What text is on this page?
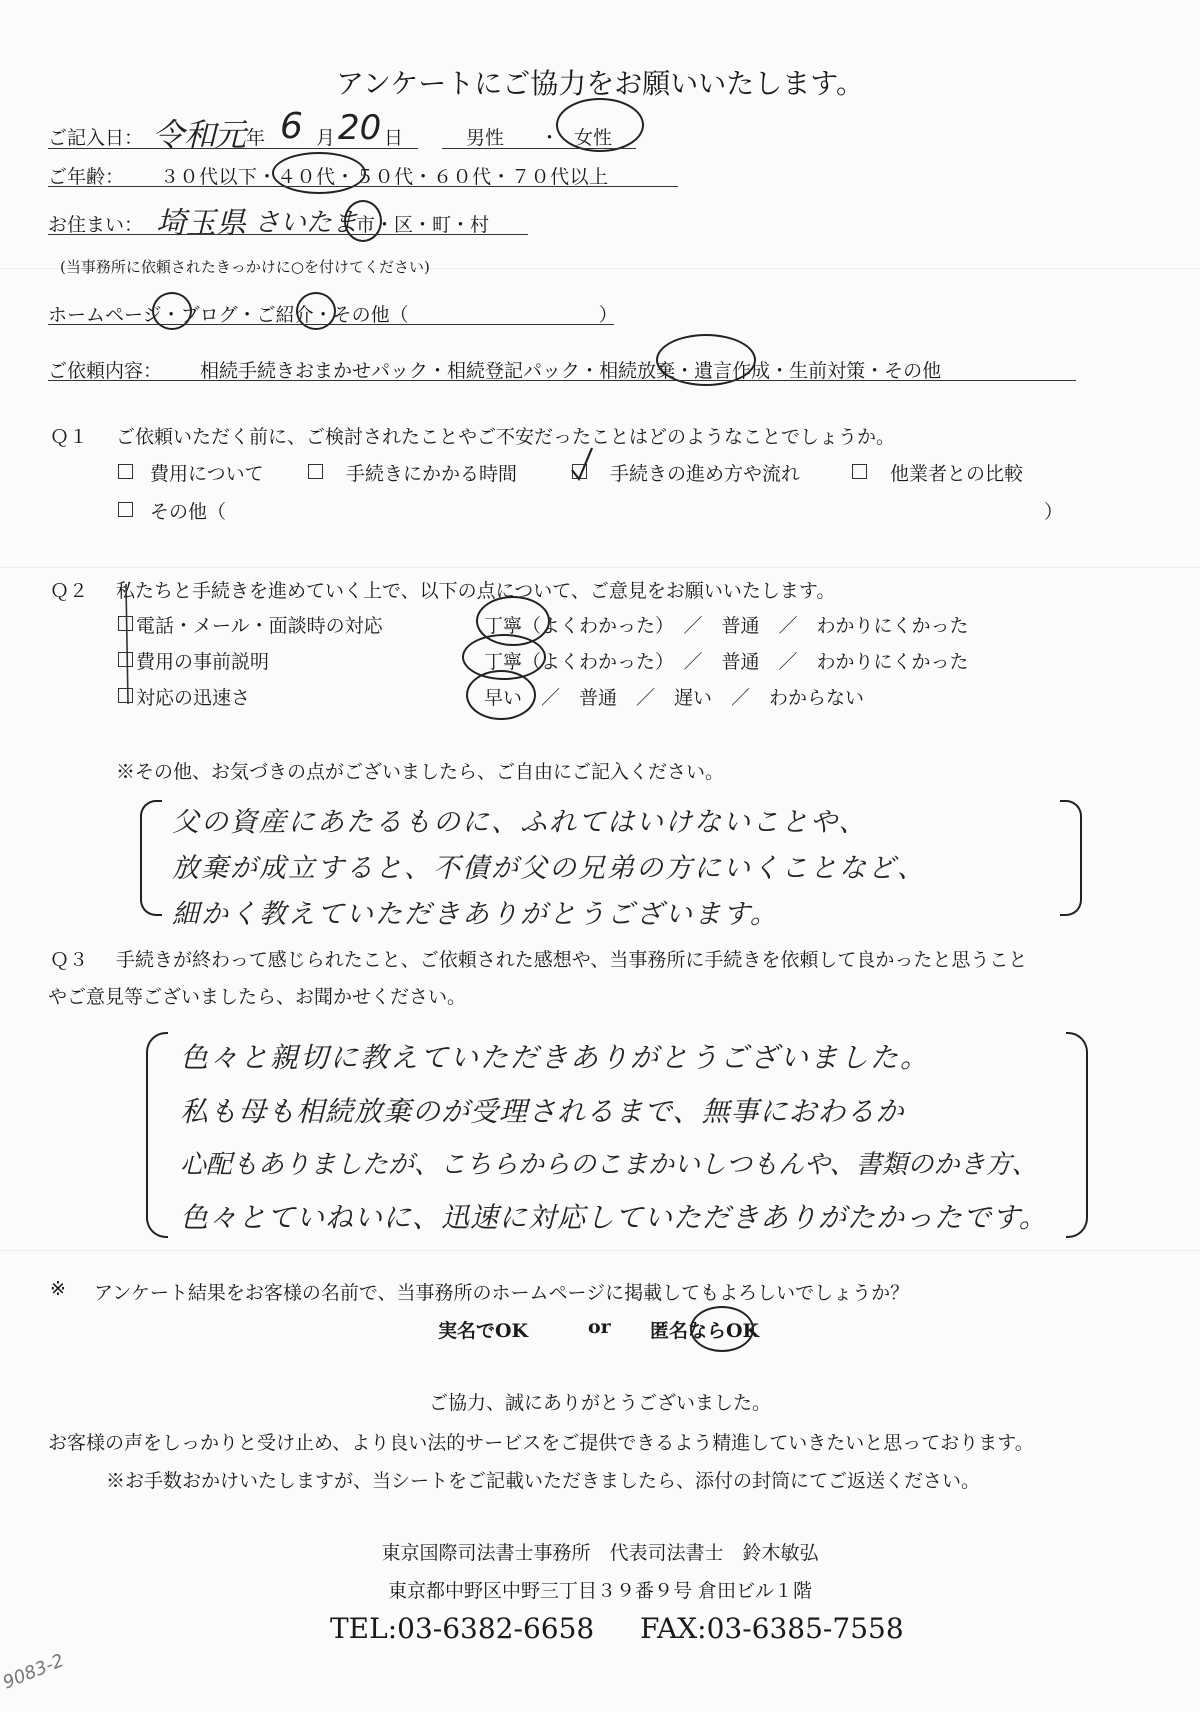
アンケートにご協力をお願いいたします。
ご記入日： 令和
元 年 6 月 20 日	男性 ・ 女性
ご年齢： ３０代以下・４０代・５０代・６０代・７０代以上
お住まい： 埼玉 県 さいたま
市・区・町・村
(当事務所に依頼されたきっかけに○を付けてください)
ホームページ・ブログ・ご紹介・その他（　　　　　　　　　　）
ご依頼内容： 相続手続きおまかせパック・相続登記パック・相続放棄・遺言作成・生前対策・その他
Ｑ１ ご依頼いただく前に、ご検討されたことやご不安だったことはどのようなことでしょうか。
費用について	手続きにかかる時間	手続きの進め方や流れ	他業者との比較
その他（	）
Ｑ２ 私たちと手続きを進めていく上で、以下の点について、ご意見をお願いいたします。
電話・メール・面談時の対応	丁寧（よくわかった）　／　普通　／　わかりにくかった
費用の事前説明	丁寧（よくわかった）　／　普通　／　わかりにくかった
対応の迅速さ	早い　／　普通　／　遅い　／　わからない
※その他、お気づきの点がございましたら、ご自由にご記入ください。
父の資産にあたるものに、ふれてはいけないことや、
放棄が成立すると、不債が父の兄弟の方にいくことなど、
細かく教えていただきありがとうございます。
Ｑ３ 手続きが終わって感じられたこと、ご依頼された感想や、当事務所に手続きを依頼して良かったと思うこと
やご意見等ございましたら、お聞かせください。
色々と親切に教えていただきありがとうございました。
私も母も相続放棄のが受理されるまで、無事におわるか
心配もありましたが、こちらからのこまかいしつもんや、書類のかき方、
色々とていねいに、迅速に対応していただきありがたかったです。
※ アンケート結果をお客様の名前で、当事務所のホームページに掲載してもよろしいでしょうか？
実名でOK	or 匿名ならOK
ご協力、誠にありがとうございました。
お客様の声をしっかりと受け止め、より良い法的サービスをご提供できるよう精進していきたいと思っております。
※お手数おかけいたしますが、当シートをご記載いただきましたら、添付の封筒にてご返送ください。
東京国際司法書士事務所　代表司法書士　鈴木敏弘
東京都中野区中野三丁目３９番９号 倉田ビル１階
TEL:03-6382-6658 FAX:03-6385-7558
9083-2
